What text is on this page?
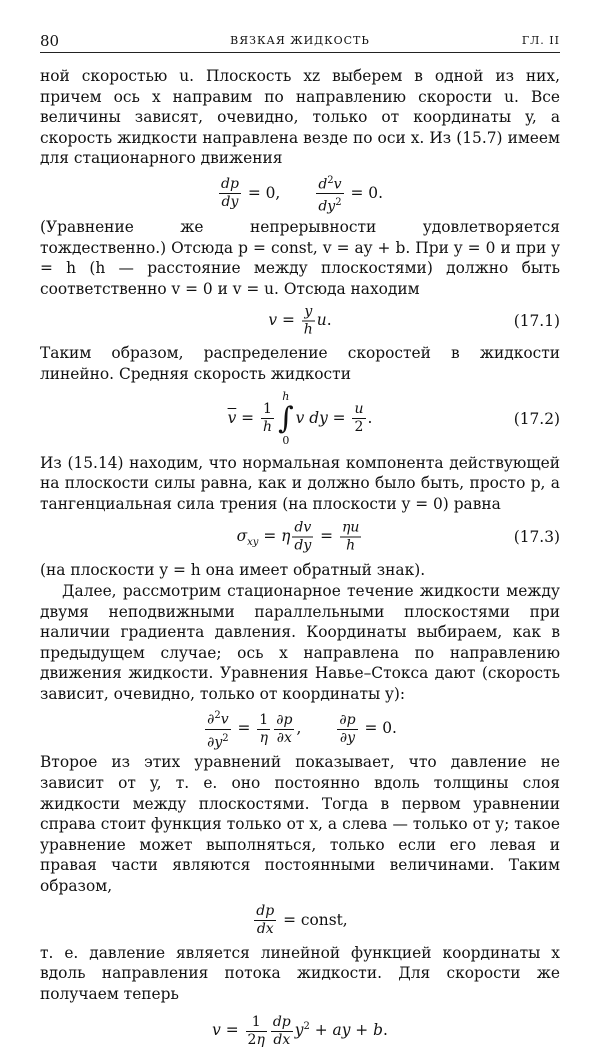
80	ВЯЗКАЯ ЖИДКОСТЬ	ГЛ. II

ной скоростью u. Плоскость xz выберем в одной из них, причем ось x направим по направлению скорости u. Все величины зависят, очевидно, только от координаты y, а скорость жидкости направлена везде по оси x. Из (15.7) имеем для стационарного движения

$\frac{dp}{dy} = 0$,	$\frac{d^2v}{dy^2} = 0$.

(Уравнение же непрерывности удовлетворяется тождественно.) Отсюда p = const, v = ay + b. При y = 0 и при y = h (h — расстояние между плоскостями) должно быть соответственно v = 0 и v = u. Отсюда находим

$v = \frac{y}{h} u$.	(17.1)

Таким образом, распределение скоростей в жидкости линейно. Средняя скорость жидкости

$\overline{v} = \frac{1}{h}$
h
∫
0
v dy = $\frac{u}{2}$ .	(17.2)

Из (15.14) находим, что нормальная компонента действующей на плоскости силы равна, как и должно было быть, просто p, а тангенциальная сила трения (на плоскости y = 0) равна

$\sigma_{xy} = \eta \frac{dv}{dy} = \frac{\eta u}{h}$	(17.3)

(на плоскости y = h она имеет обратный знак).

Далее, рассмотрим стационарное течение жидкости между двумя неподвижными параллельными плоскостями при наличии градиента давления. Координаты выбираем, как в предыдущем случае; ось x направлена по направлению движения жидкости. Уравнения Навье–Стокса дают (скорость зависит, очевидно, только от координаты y):

$\frac{\partial^2v}{\partial y^2} = \frac{1}{\eta} \frac{\partial p}{\partial x}$ ,	$\frac{\partial p}{\partial y} = 0$.

Второе из этих уравнений показывает, что давление не зависит от y, т. е. оно постоянно вдоль толщины слоя жидкости между плоскостями. Тогда в первом уравнении справа стоит функция только от x, а слева — только от y; такое уравнение может выполняться, только если его левая и правая части являются постоянными величинами. Таким образом,

$\frac{dp}{dx}$ = const,

т. е. давление является линейной функцией координаты x вдоль направления потока жидкости. Для скорости же получаем теперь

$v = \frac{1}{2\eta} \frac{dp}{dx} y^2$ + ay + b.
